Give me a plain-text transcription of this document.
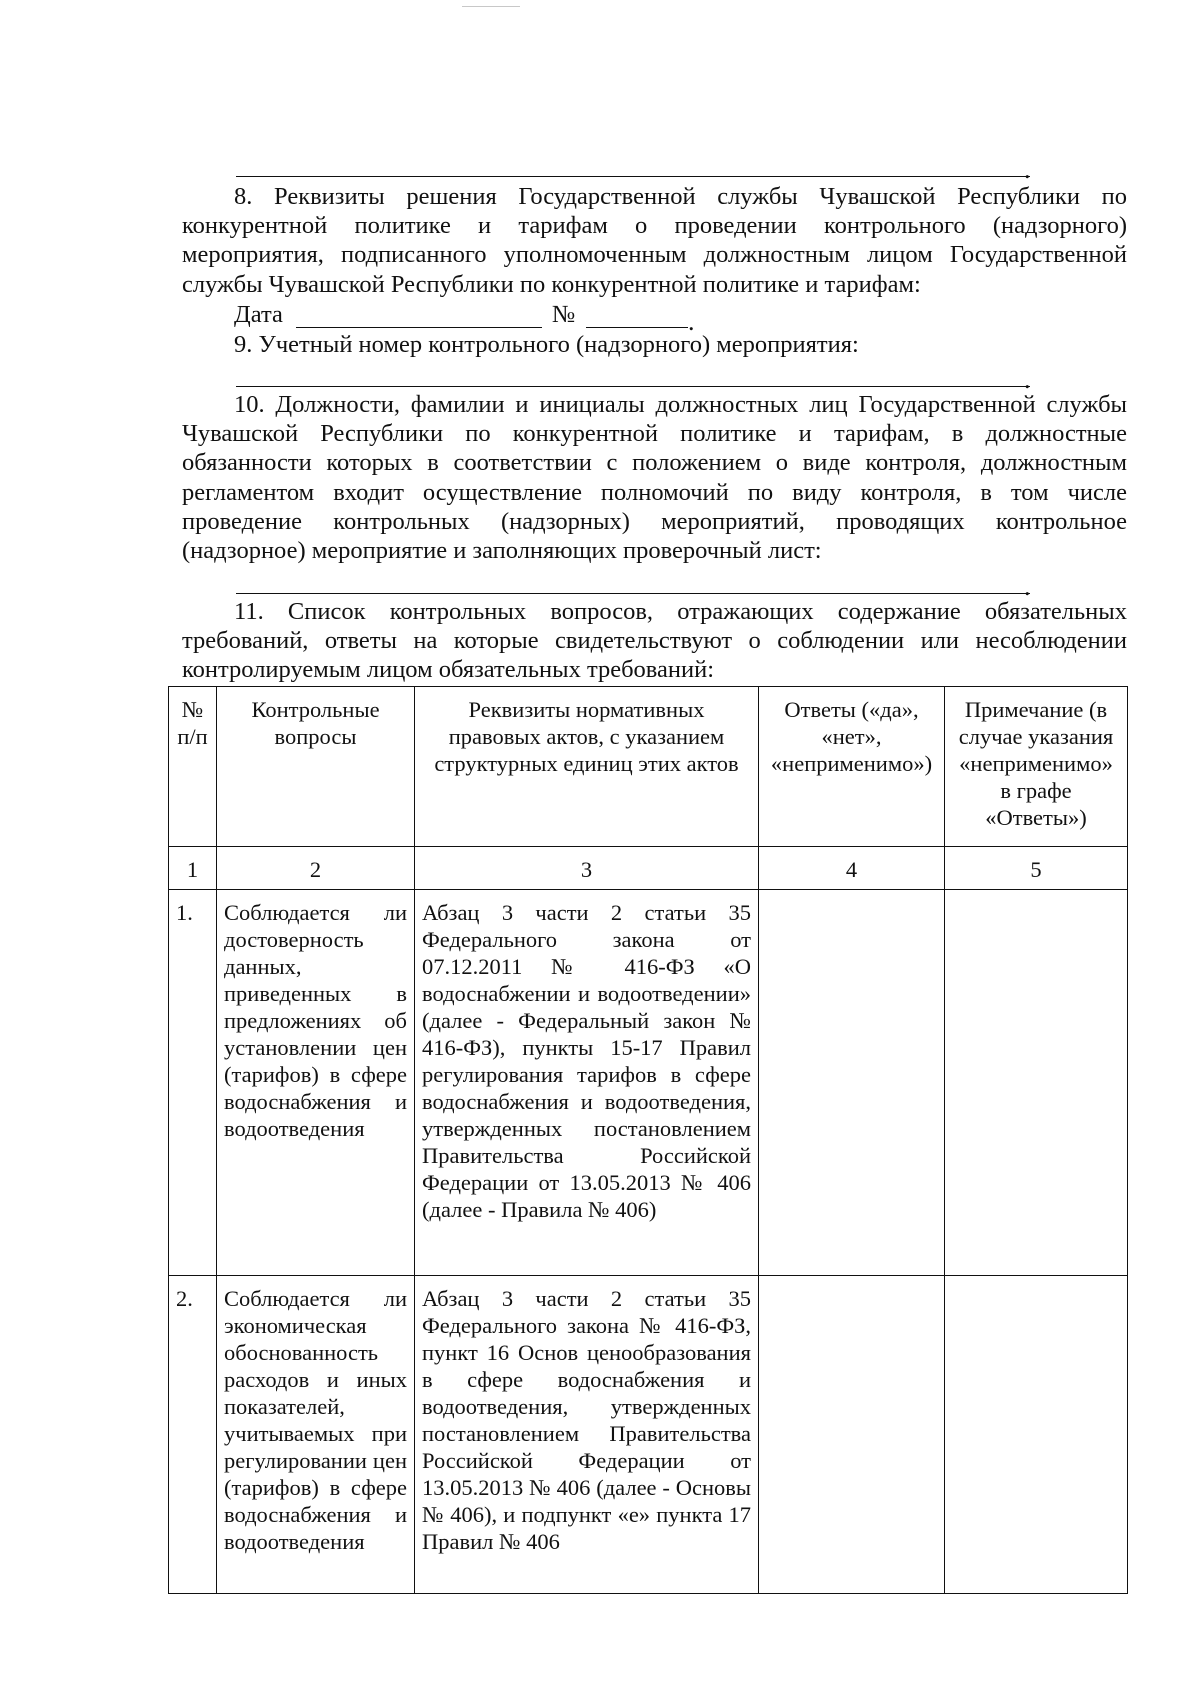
.

8. Реквизиты решения Государственной службы Чувашской Республики по конкурентной политике и тарифам о проведении контрольного (надзорного) мероприятия, подписанного уполномоченным должностным лицом Государственной службы Чувашской Республики по конкурентной политике и тарифам:

Дата	№	.

9. Учетный номер контрольного (надзорного) мероприятия:

.

10. Должности, фамилии и инициалы должностных лиц Государственной службы Чувашской Республики по конкурентной политике и тарифам, в должностные обязанности которых в соответствии с положением о виде контроля, должностным регламентом входит осуществление полномочий по виду контроля, в том числе проведение контрольных (надзорных) мероприятий, проводящих контрольное (надзорное) мероприятие и заполняющих проверочный лист:

.

11. Список контрольных вопросов, отражающих содержание обязательных требований, ответы на которые свидетельствуют о соблюдении или несоблюдении контролируемым лицом обязательных требований:

№ п/п	Контрольные вопросы	Реквизиты нормативных правовых актов, с указанием структурных единиц этих актов	Ответы («да», «нет», «неприменимо»)	Примечание (в случае указания «неприменимо» в графе «Ответы»)
1	2	3	4	5
1.	Соблюдается ли достоверность данных, приведенных в предложениях об установлении цен (тарифов) в сфере водоснабжения и водоотведения	Абзац 3 части 2 статьи 35 Федерального закона от 07.12.2011 № 416-ФЗ «О водоснабжении и водоотведении» (далее - Федеральный закон № 416-ФЗ), пункты 15-17 Правил регулирования тарифов в сфере водоснабжения и водоотведения, утвержденных постановлением Правительства Российской Федерации от 13.05.2013 № 406 (далее - Правила № 406)		
2.	Соблюдается ли экономическая обоснованность расходов и иных показателей, учитываемых при регулировании цен (тарифов) в сфере водоснабжения и водоотведения	Абзац 3 части 2 статьи 35 Федерального закона № 416-ФЗ, пункт 16 Основ ценообразования в сфере водоснабжения и водоотведения, утвержденных постановлением Правительства Российской Федерации от 13.05.2013 № 406 (далее - Основы № 406), и подпункт «е» пункта 17 Правил № 406		
